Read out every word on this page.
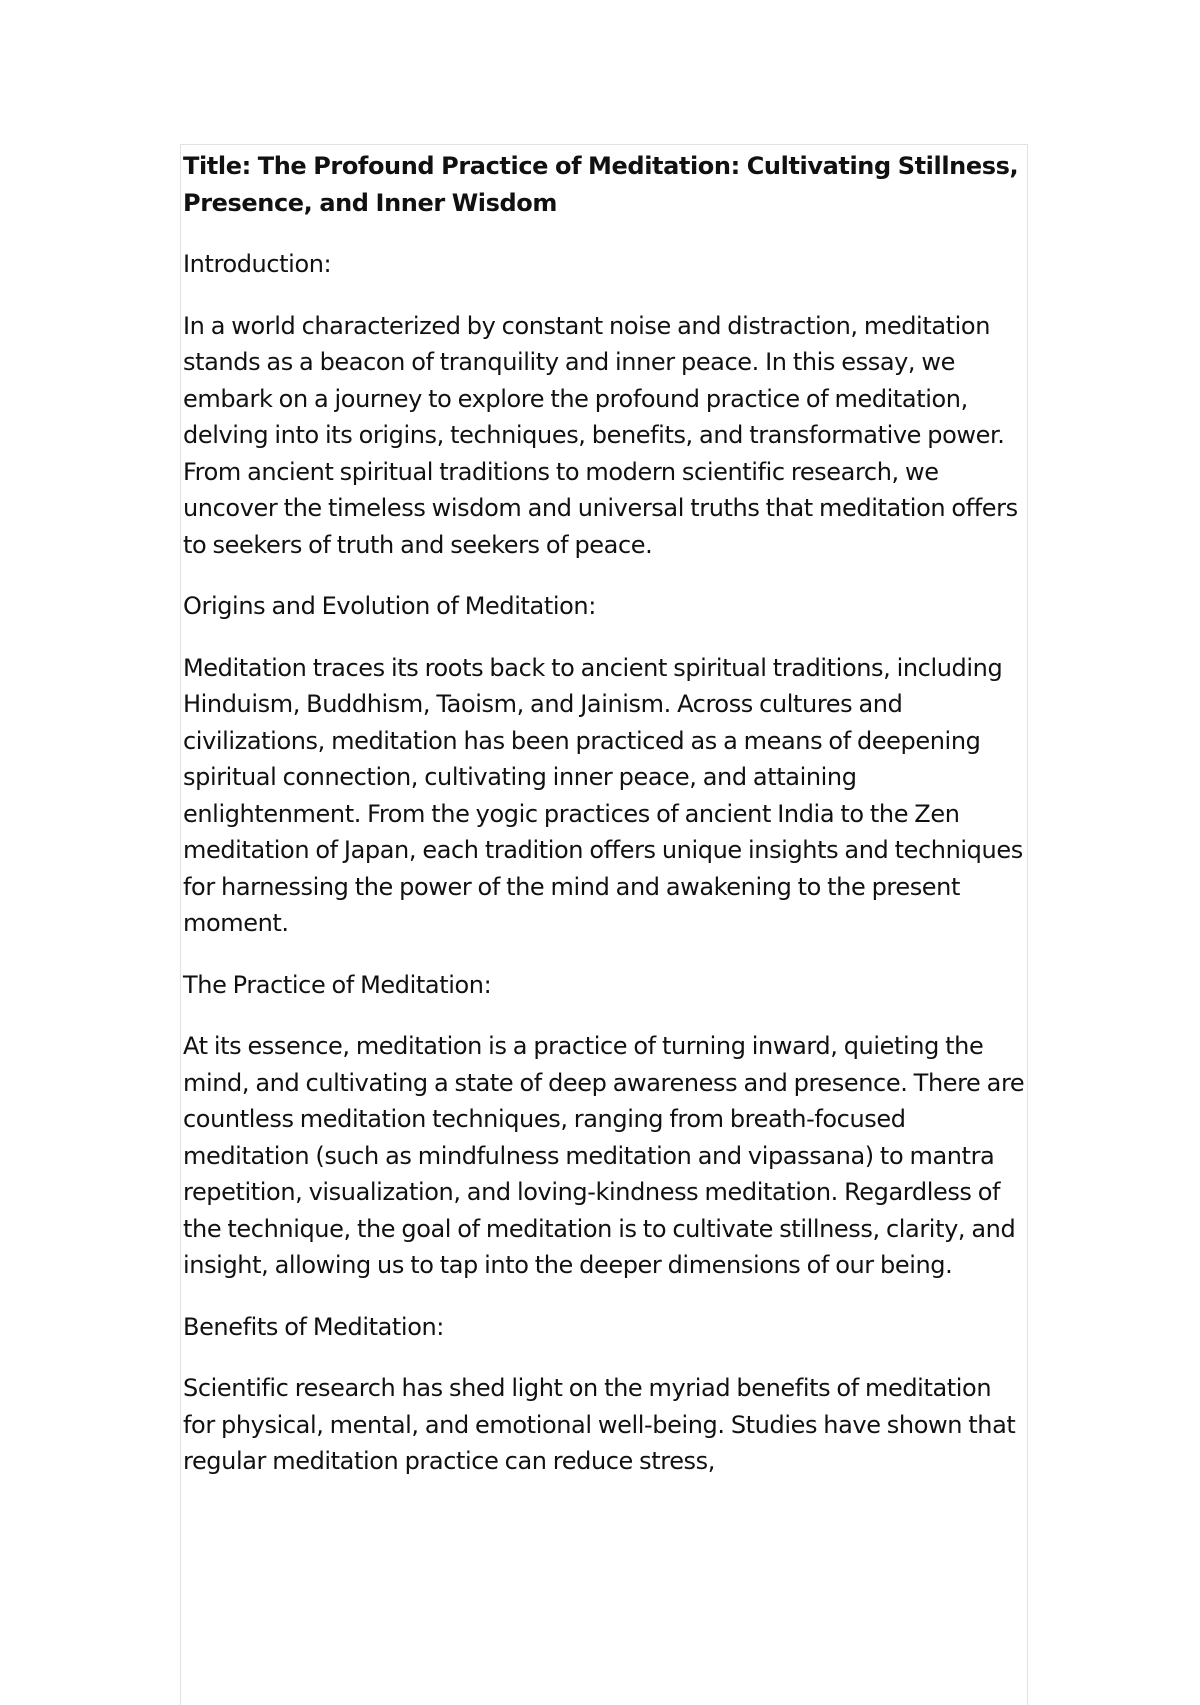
Title: The Profound Practice of Meditation: Cultivating Stillness, Presence, and Inner Wisdom

Introduction:

In a world characterized by constant noise and distraction, meditation stands as a beacon of tranquility and inner peace. In this essay, we embark on a journey to explore the profound practice of meditation, delving into its origins, techniques, benefits, and transformative power. From ancient spiritual traditions to modern scientific research, we uncover the timeless wisdom and universal truths that meditation offers to seekers of truth and seekers of peace.

Origins and Evolution of Meditation:

Meditation traces its roots back to ancient spiritual traditions, including Hinduism, Buddhism, Taoism, and Jainism. Across cultures and civilizations, meditation has been practiced as a means of deepening spiritual connection, cultivating inner peace, and attaining enlightenment. From the yogic practices of ancient India to the Zen meditation of Japan, each tradition offers unique insights and techniques for harnessing the power of the mind and awakening to the present moment.

The Practice of Meditation:

At its essence, meditation is a practice of turning inward, quieting the mind, and cultivating a state of deep awareness and presence. There are countless meditation techniques, ranging from breath-focused meditation (such as mindfulness meditation and vipassana) to mantra repetition, visualization, and loving-kindness meditation. Regardless of the technique, the goal of meditation is to cultivate stillness, clarity, and insight, allowing us to tap into the deeper dimensions of our being.

Benefits of Meditation:

Scientific research has shed light on the myriad benefits of meditation for physical, mental, and emotional well-being. Studies have shown that regular meditation practice can reduce stress,
